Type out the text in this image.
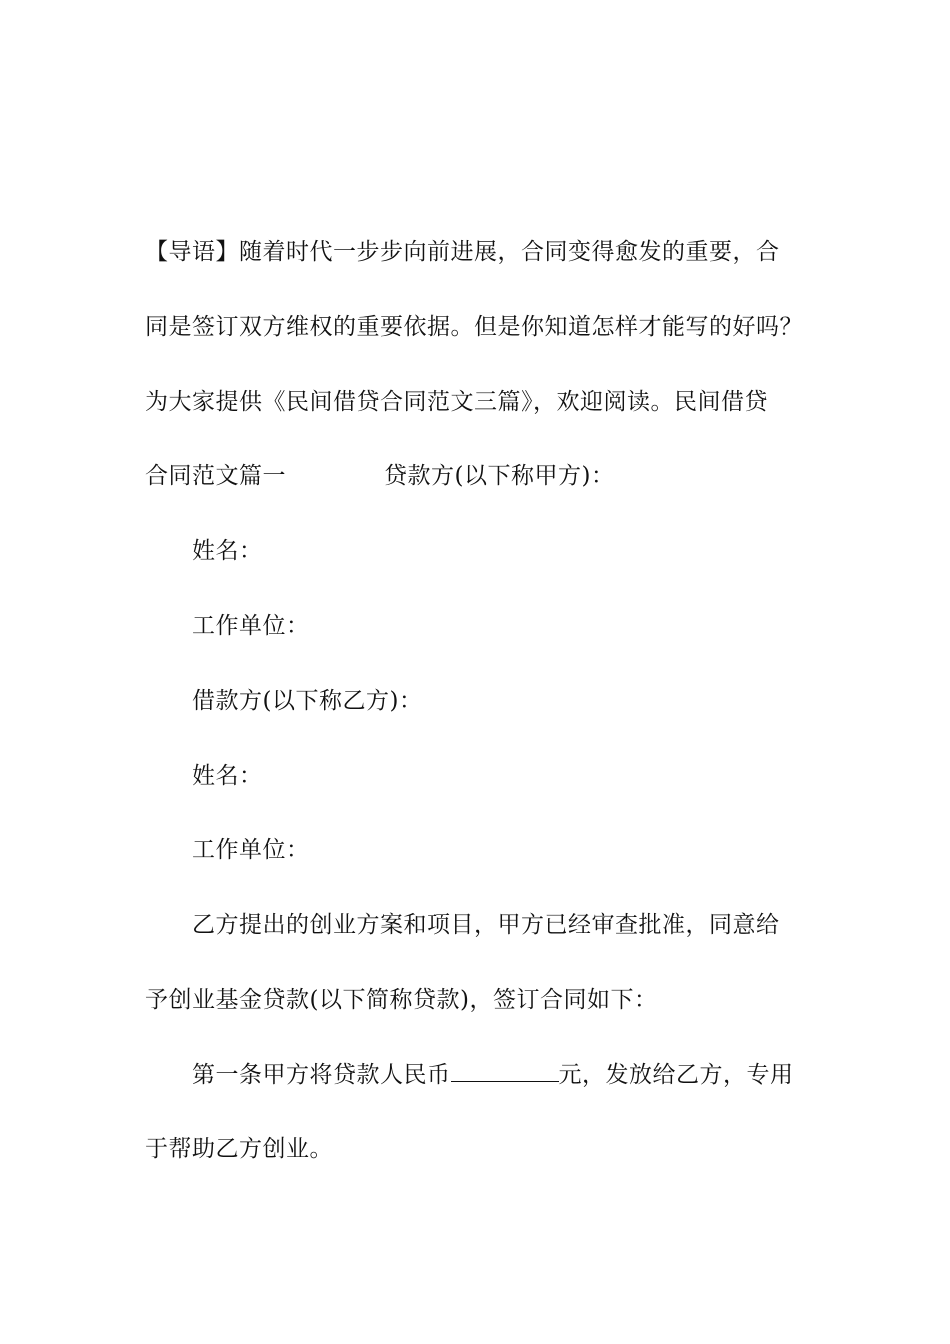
【导语】随着时代一步步向前进展，合同变得愈发的重要，合
同是签订双方维权的重要依据。但是你知道怎样才能写的好吗？
为大家提供《民间借贷合同范文三篇》，欢迎阅读。民间借贷
合同范文篇一	贷款方(以下称甲方)：
姓名：
工作单位：
借款方(以下称乙方)：
姓名：
工作单位：
乙方提出的创业方案和项目，甲方已经审查批准，同意给
予创业基金贷款(以下简称贷款)，签订合同如下：
第一条甲方将贷款人民币	元，发放给乙方，专用
于帮助乙方创业。
